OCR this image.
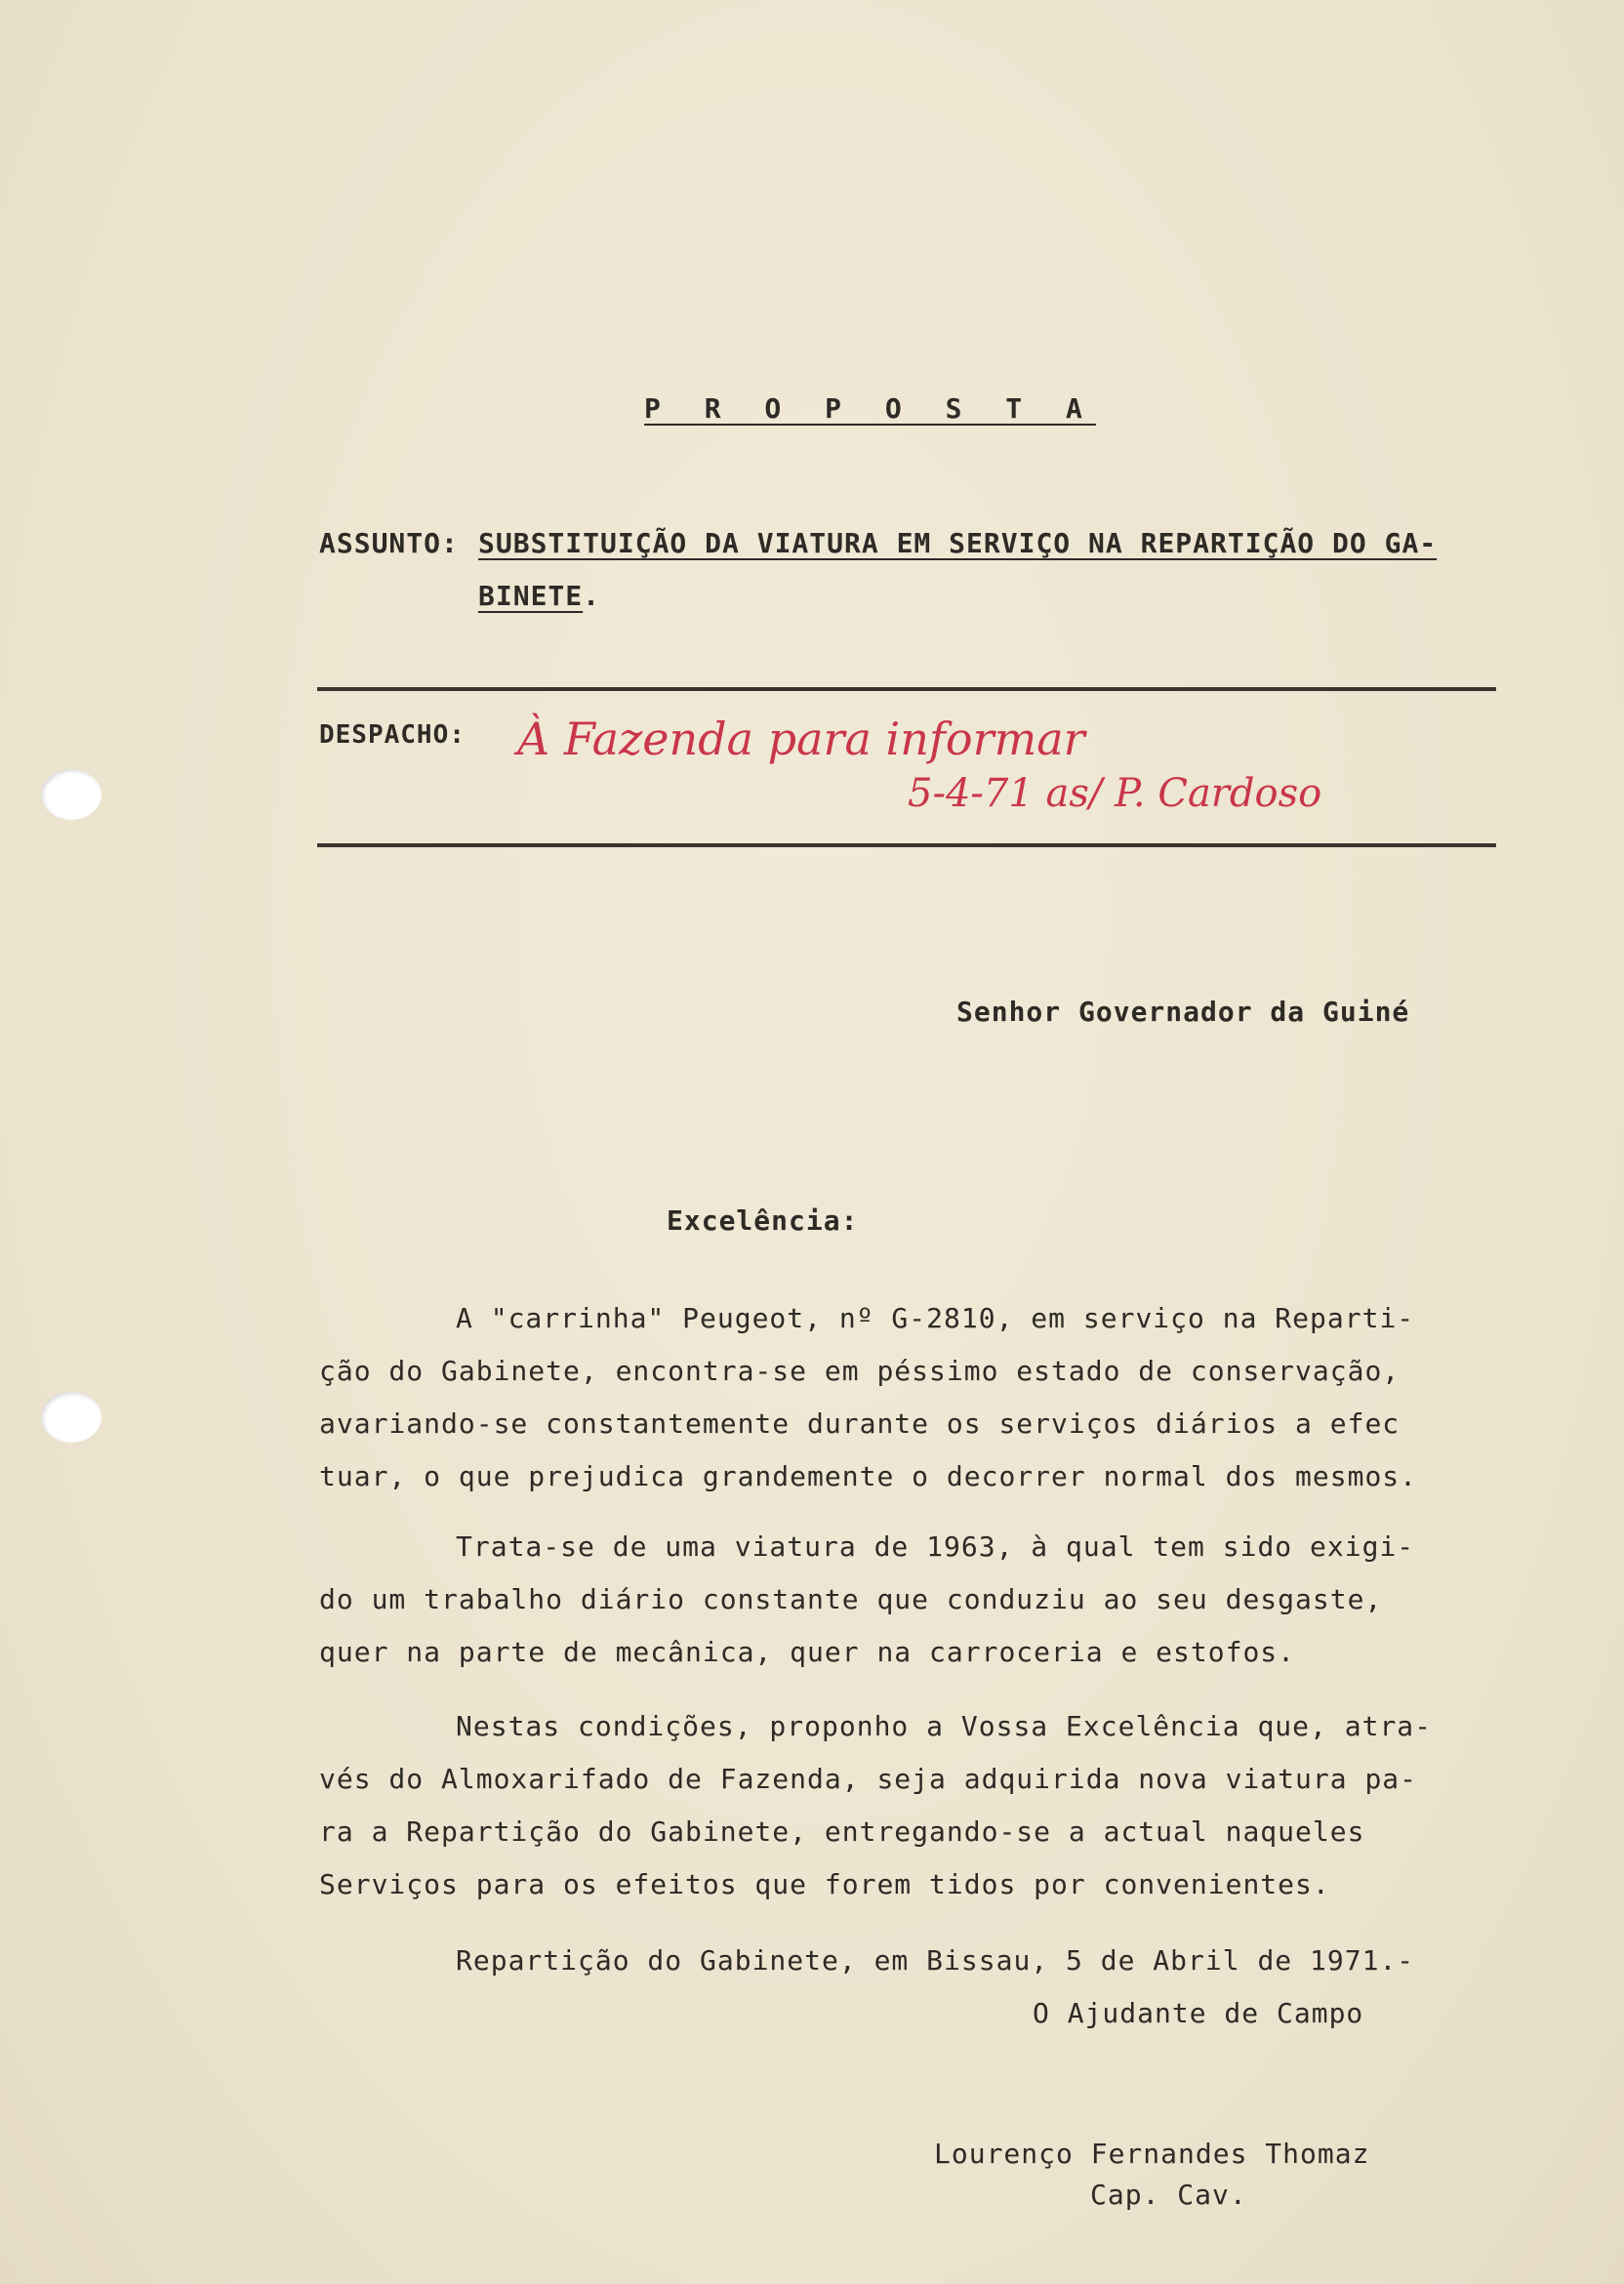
P R O P O S T A
ASSUNTO: SUBSTITUIÇÃO DA VIATURA EM SERVIÇO NA REPARTIÇÃO DO GA-
BINETE.
DESPACHO: À Fazenda para informar
5-4-71 as/ P. Cardoso
Senhor Governador da Guiné
Excelência:
A "carrinha" Peugeot, nº G-2810, em serviço na Reparti-
ção do Gabinete, encontra-se em péssimo estado de conservação,
avariando-se constantemente durante os serviços diários a efec
tuar, o que prejudica grandemente o decorrer normal dos mesmos.
Trata-se de uma viatura de 1963, à qual tem sido exigi-
do um trabalho diário constante que conduziu ao seu desgaste,
quer na parte de mecânica, quer na carroceria e estofos.
Nestas condições, proponho a Vossa Excelência que, atra-
vés do Almoxarifado de Fazenda, seja adquirida nova viatura pa-
ra a Repartição do Gabinete, entregando-se a actual naqueles
Serviços para os efeitos que forem tidos por convenientes.
Repartição do Gabinete, em Bissau, 5 de Abril de 1971.-
O Ajudante de Campo
Lourenço Fernandes Thomaz
Cap. Cav.
